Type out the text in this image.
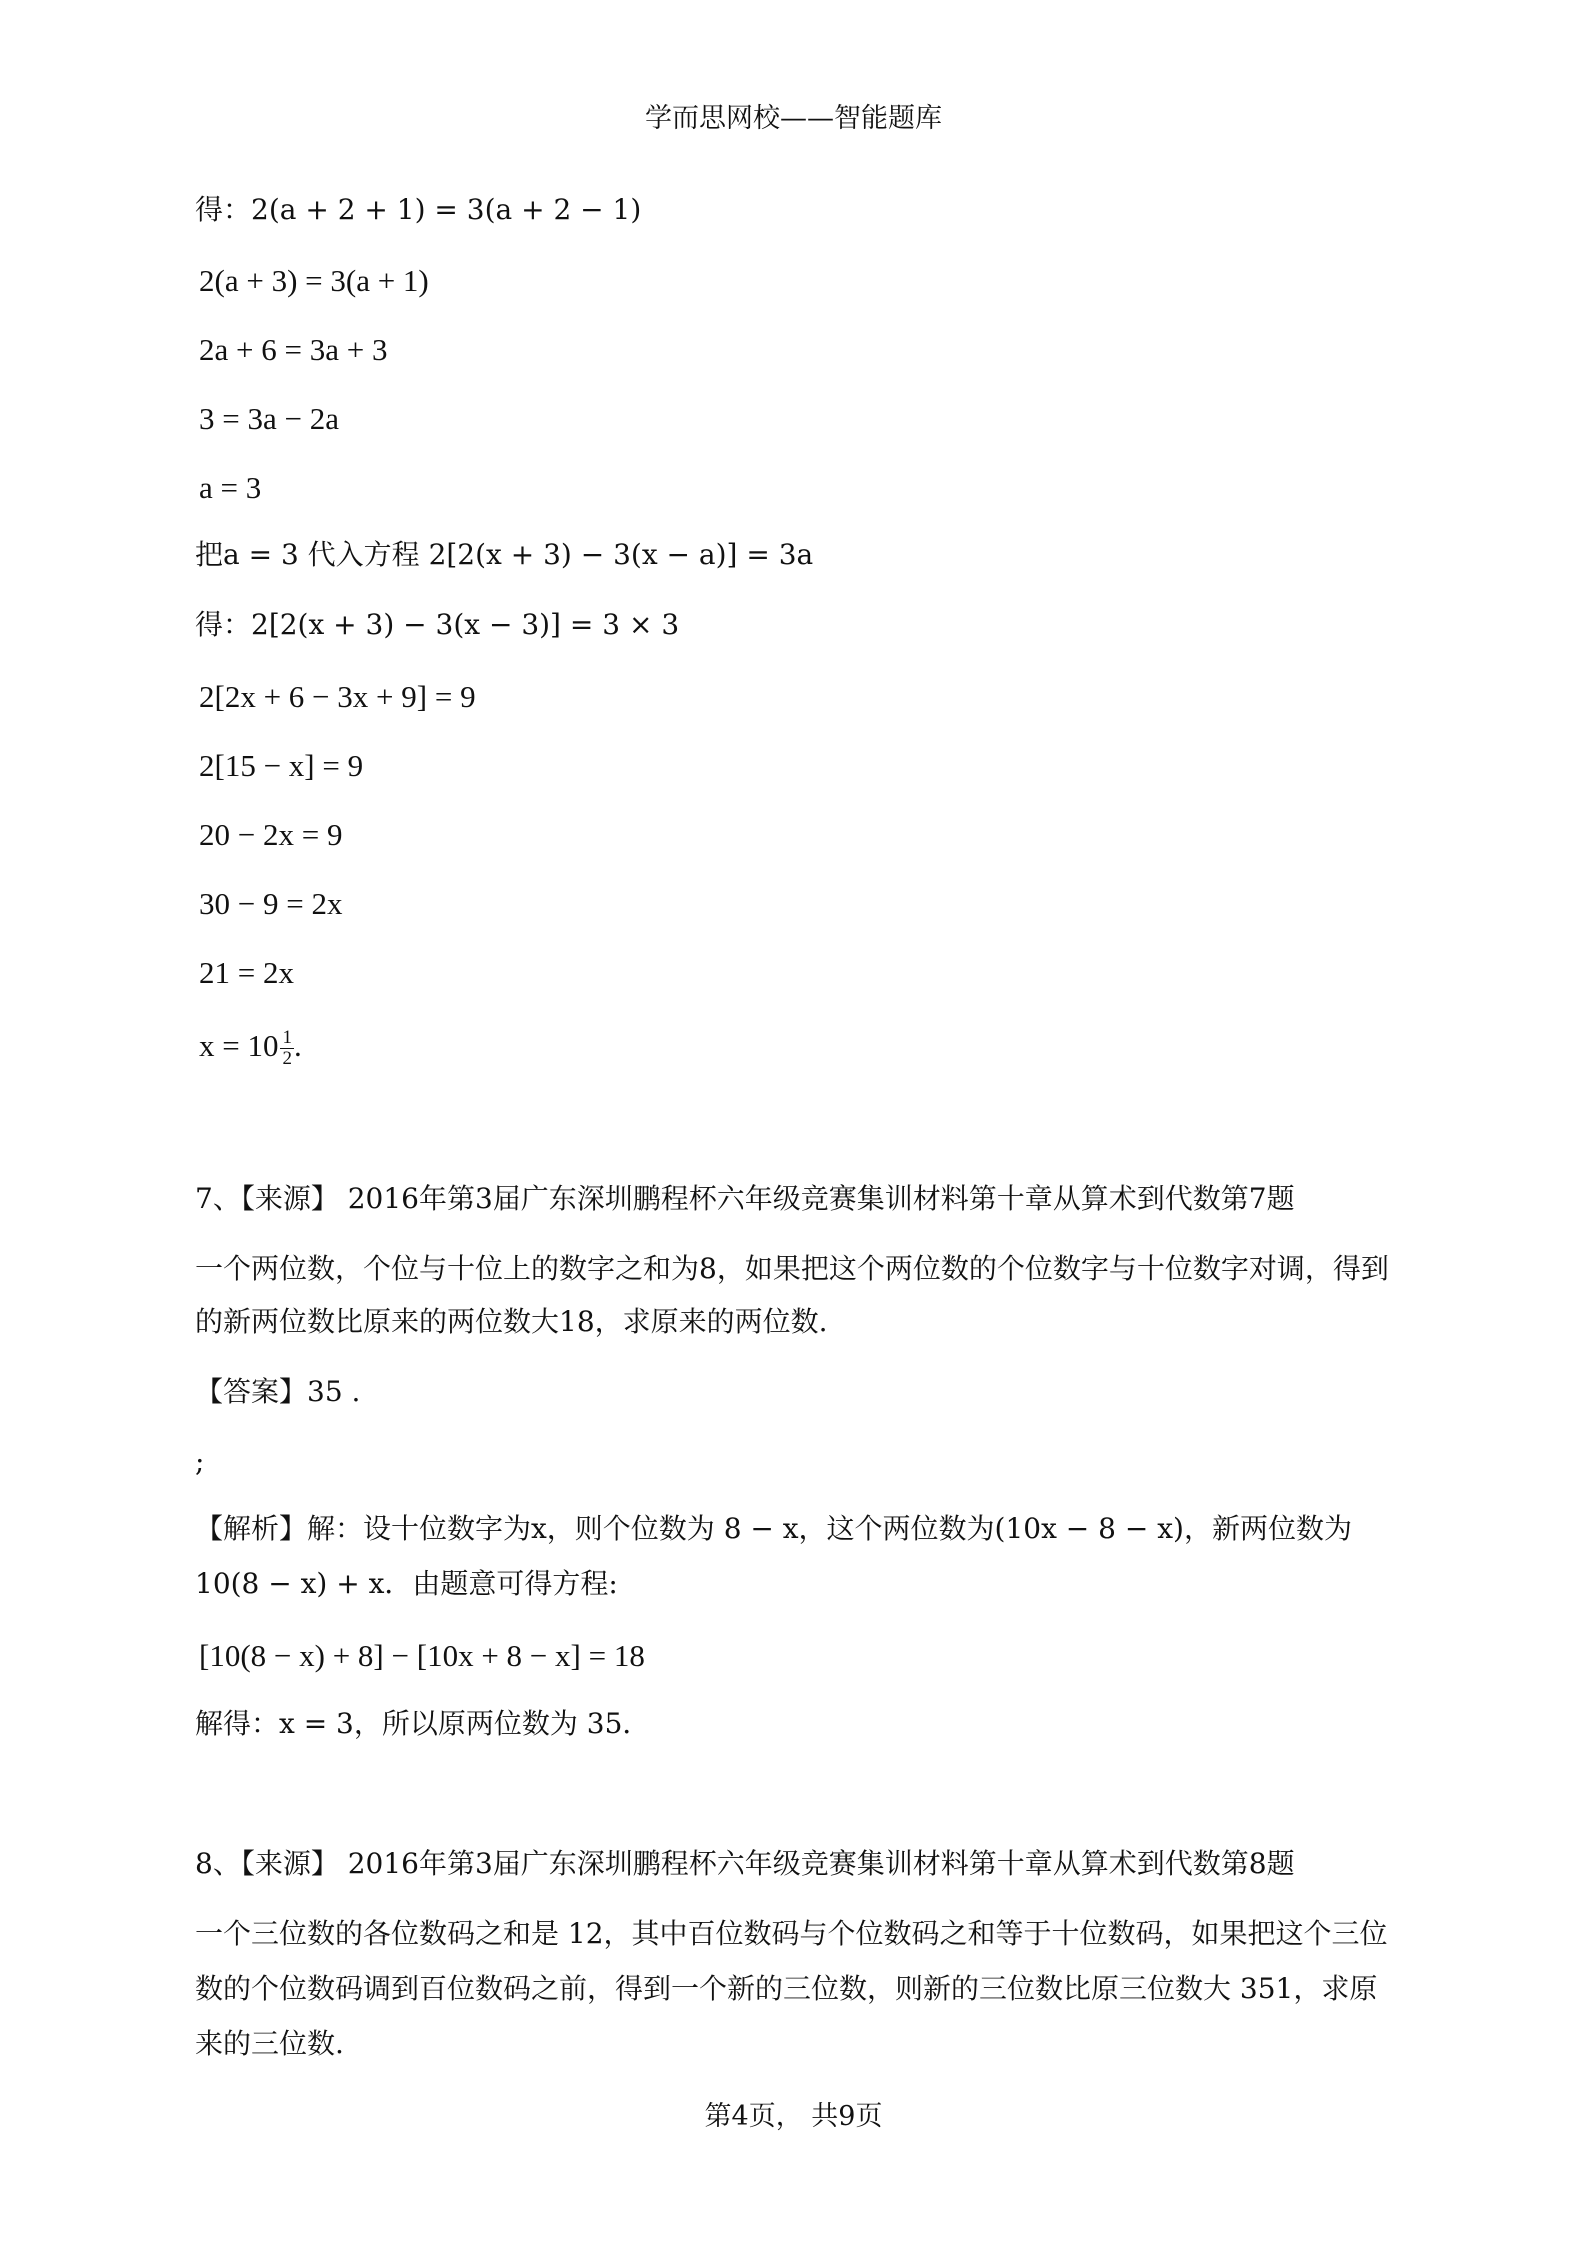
学而思网校——智能题库
得：2(a + 2 + 1) = 3(a + 2 − 1)
2(a + 3) = 3(a + 1)
2a + 6 = 3a + 3
3 = 3a − 2a
a = 3
把a = 3 代入方程 2[2(x + 3) − 3(x − a)] = 3a
得：2[2(x + 3) − 3(x − 3)] = 3 × 3
2[2x + 6 − 3x + 9] = 9
2[15 − x] = 9
20 − 2x = 9
30 − 9 = 2x
21 = 2x
$x = 10 \frac{1}{2}$ .
7、【来源】 2016年第3届广东深圳鹏程杯六年级竞赛集训材料第十章从算术到代数第7题
一个两位数，个位与十位上的数字之和为8，如果把这个两位数的个位数字与十位数字对调，得到
的新两位数比原来的两位数大18，求原来的两位数.
【答案】35 .
;
【解析】解：设十位数字为x，则个位数为 8 − x，这个两位数为(10x − 8 − x)，新两位数为
10(8 − x) + x．由题意可得方程:
[10(8 − x) + 8] − [10x + 8 − x] = 18
解得：x = 3，所以原两位数为 35．
8、【来源】 2016年第3届广东深圳鹏程杯六年级竞赛集训材料第十章从算术到代数第8题
一个三位数的各位数码之和是 12，其中百位数码与个位数码之和等于十位数码，如果把这个三位
数的个位数码调到百位数码之前，得到一个新的三位数，则新的三位数比原三位数大 351，求原
来的三位数.
第4页， 共9页
